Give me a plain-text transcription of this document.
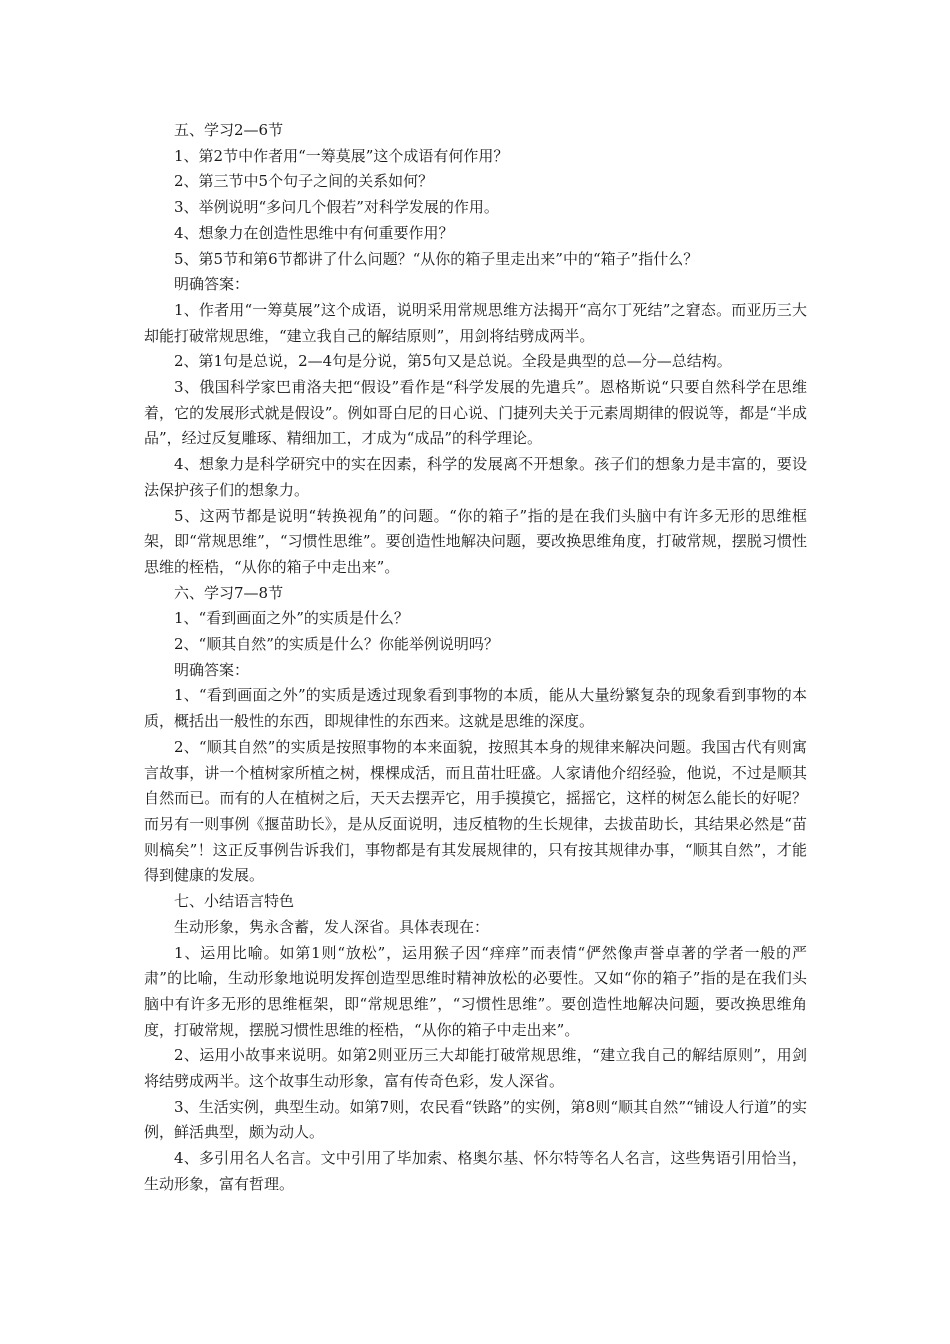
五、学习2—6节

1、第2节中作者用“一筹莫展”这个成语有何作用？

2、第三节中5个句子之间的关系如何？

3、举例说明“多问几个假若”对科学发展的作用。

4、想象力在创造性思维中有何重要作用？

5、第5节和第6节都讲了什么问题？“从你的箱子里走出来”中的“箱子”指什么？

明确答案：

1、作者用“一筹莫展”这个成语，说明采用常规思维方法揭开“高尔丁死结”之窘态。而亚历三大却能打破常规思维，“建立我自己的解结原则”，用剑将结劈成两半。

2、第1句是总说，2—4句是分说，第5句又是总说。全段是典型的总—分—总结构。

3、俄国科学家巴甫洛夫把“假设”看作是“科学发展的先遣兵”。恩格斯说“只要自然科学在思维着，它的发展形式就是假设”。例如哥白尼的日心说、门捷列夫关于元素周期律的假说等，都是“半成品”，经过反复雕琢、精细加工，才成为“成品”的科学理论。

4、想象力是科学研究中的实在因素，科学的发展离不开想象。孩子们的想象力是丰富的，要设法保护孩子们的想象力。

5、这两节都是说明“转换视角”的问题。“你的箱子”指的是在我们头脑中有许多无形的思维框架，即“常规思维”，“习惯性思维”。要创造性地解决问题，要改换思维角度，打破常规，摆脱习惯性思维的桎梏，“从你的箱子中走出来”。

六、学习7—8节

1、“看到画面之外”的实质是什么？

2、“顺其自然”的实质是什么？你能举例说明吗？

明确答案：

1、“看到画面之外”的实质是透过现象看到事物的本质，能从大量纷繁复杂的现象看到事物的本质，概括出一般性的东西，即规律性的东西来。这就是思维的深度。

2、“顺其自然”的实质是按照事物的本来面貌，按照其本身的规律来解决问题。我国古代有则寓言故事，讲一个植树家所植之树，棵棵成活，而且苗壮旺盛。人家请他介绍经验，他说，不过是顺其自然而已。而有的人在植树之后，天天去摆弄它，用手摸摸它，摇摇它，这样的树怎么能长的好呢？而另有一则事例《揠苗助长》，是从反面说明，违反植物的生长规律，去拔苗助长，其结果必然是“苗则槁矣”！这正反事例告诉我们，事物都是有其发展规律的，只有按其规律办事，“顺其自然”，才能得到健康的发展。

七、小结语言特色

生动形象，隽永含蓄，发人深省。具体表现在：

1、运用比喻。如第1则“放松”，运用猴子因“痒痒”而表情“俨然像声誉卓著的学者一般的严肃”的比喻，生动形象地说明发挥创造型思维时精神放松的必要性。又如“你的箱子”指的是在我们头脑中有许多无形的思维框架，即“常规思维”，“习惯性思维”。要创造性地解决问题，要改换思维角度，打破常规，摆脱习惯性思维的桎梏，“从你的箱子中走出来”。

2、运用小故事来说明。如第2则亚历三大却能打破常规思维，“建立我自己的解结原则”，用剑将结劈成两半。这个故事生动形象，富有传奇色彩，发人深省。

3、生活实例，典型生动。如第7则，农民看“铁路”的实例，第8则“顺其自然”“铺设人行道”的实例，鲜活典型，颇为动人。

4、多引用名人名言。文中引用了毕加索、格奥尔基、怀尔特等名人名言，这些隽语引用恰当，生动形象，富有哲理。
